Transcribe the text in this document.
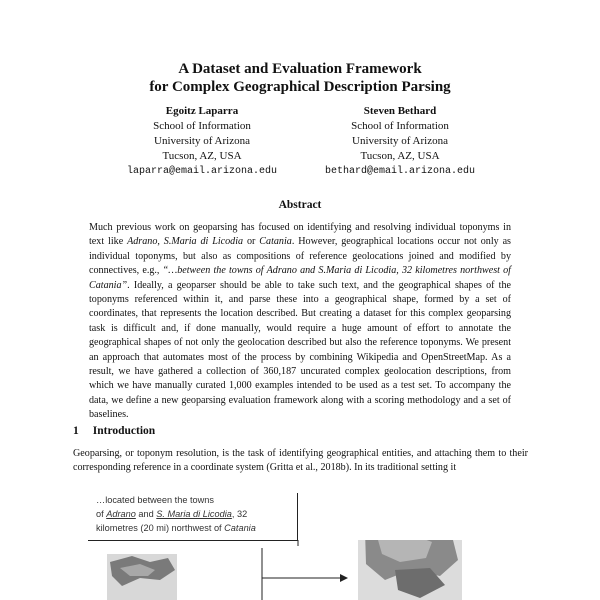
A Dataset and Evaluation Framework
for Complex Geographical Description Parsing
Egoitz Laparra
School of Information
University of Arizona
Tucson, AZ, USA
laparra@email.arizona.edu
Steven Bethard
School of Information
University of Arizona
Tucson, AZ, USA
bethard@email.arizona.edu
Abstract
Much previous work on geoparsing has focused on identifying and resolving individual toponyms in text like Adrano, S.Maria di Licodia or Catania. However, geographical locations occur not only as individual toponyms, but also as compositions of reference geolocations joined and modified by connectives, e.g., “…between the towns of Adrano and S.Maria di Licodia, 32 kilometres northwest of Catania”. Ideally, a geoparser should be able to take such text, and the geographical shapes of the toponyms referenced within it, and parse these into a geographical shape, formed by a set of coordinates, that represents the location described. But creating a dataset for this complex geoparsing task is difficult and, if done manually, would require a huge amount of effort to annotate the geographical shapes of not only the geolocation described but also the reference toponyms. We present an approach that automates most of the process by combining Wikipedia and OpenStreetMap. As a result, we have gathered a collection of 360,187 uncurated complex geolocation descriptions, from which we have manually curated 1,000 examples intended to be used as a test set. To accompany the data, we define a new geoparsing evaluation framework along with a scoring methodology and a set of baselines.
1 Introduction
Geoparsing, or toponym resolution, is the task of identifying geographical entities, and attaching them to their corresponding reference in a coordinate system (Gritta et al., 2018b). In its traditional setting it
…located between the towns
of Adrano and S. Maria di Licodia, 32
kilometres (20 mi) northwest of Catania
